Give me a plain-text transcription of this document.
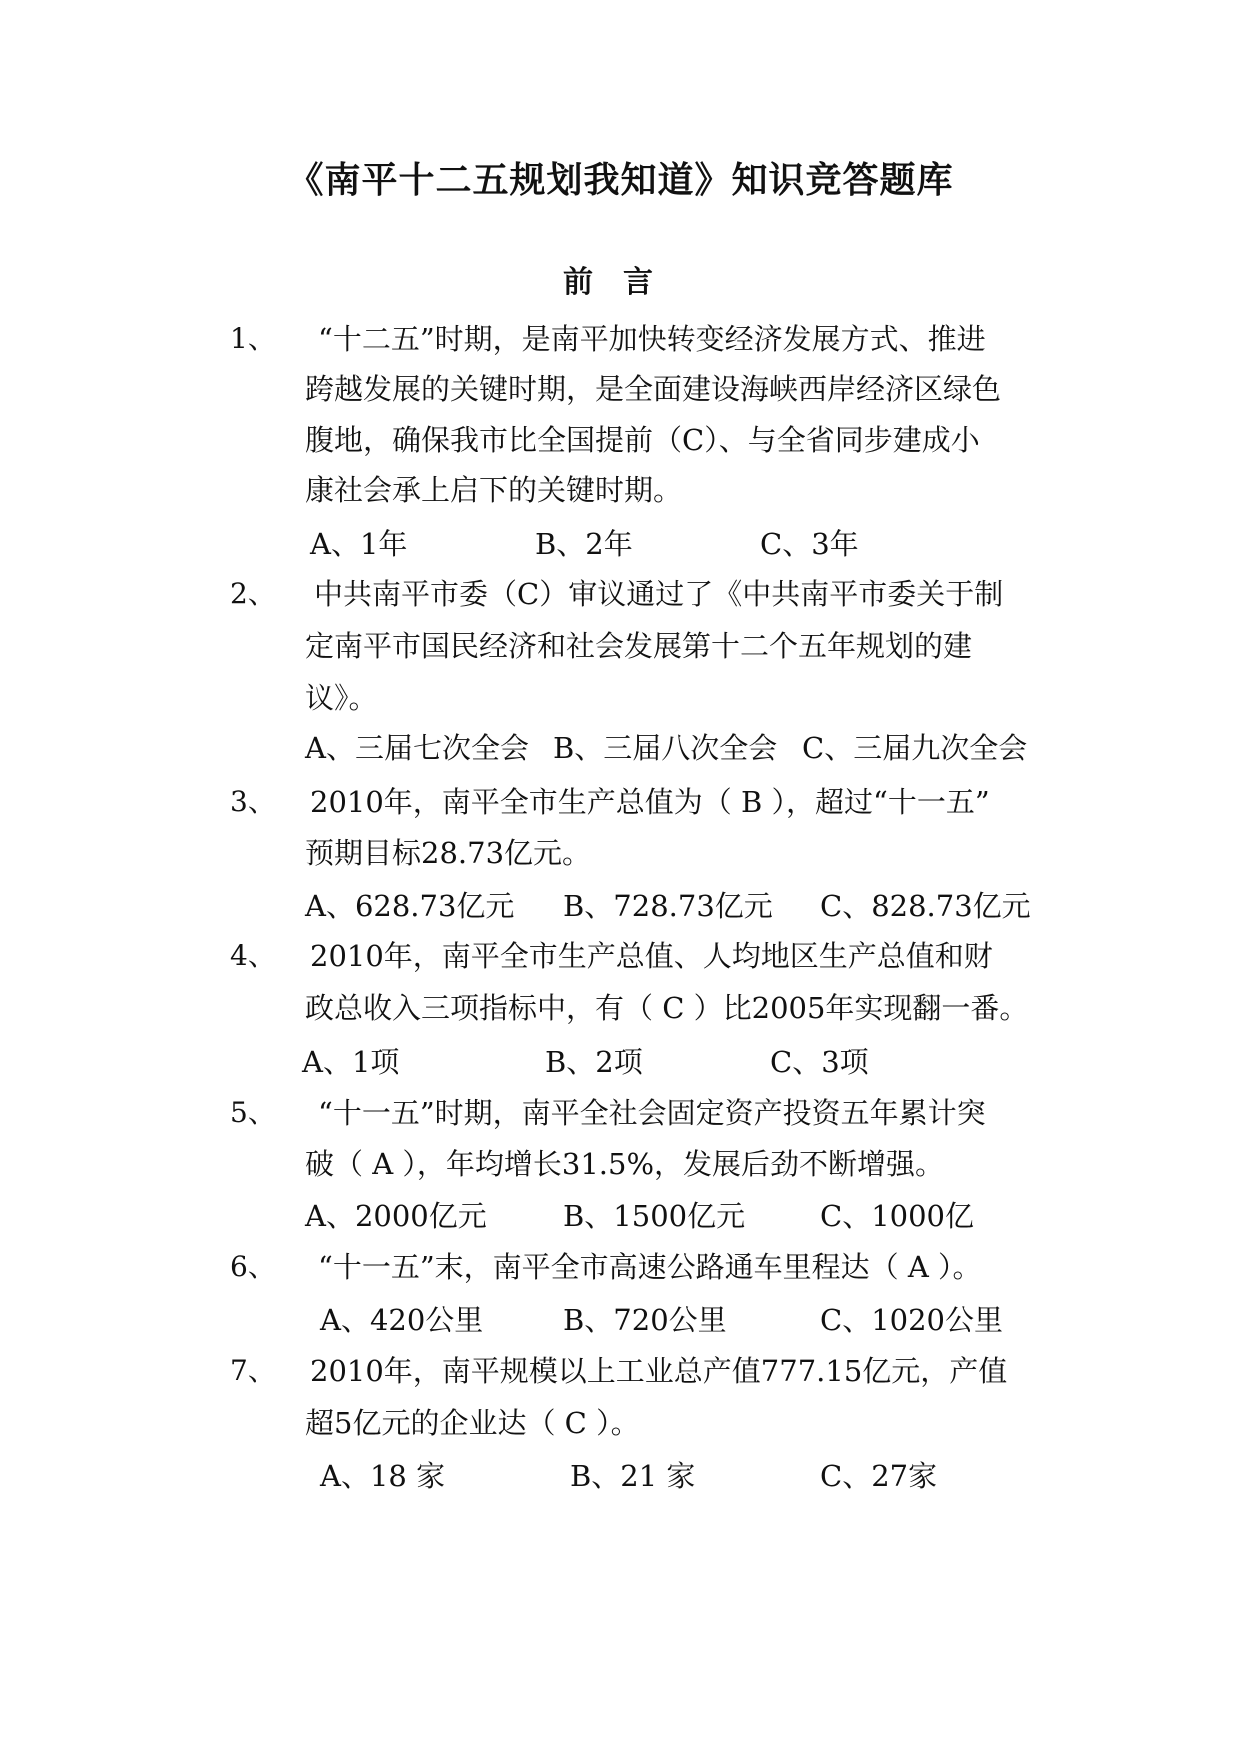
《南平十二五规划我知道》知识竞答题库
前言
1、 “十二五”时期，是南平加快转变经济发展方式、推进
跨越发展的关键时期，是全面建设海峡西岸经济区绿色
腹地，确保我市比全国提前（C）、与全省同步建成小
康社会承上启下的关键时期。
A、1年	B、2年	C、3年
2、 中共南平市委（C）审议通过了《中共南平市委关于制
定南平市国民经济和社会发展第十二个五年规划的建
议》。
A、三届七次全会 B、三届八次全会 C、三届九次全会
3、 2010年，南平全市生产总值为（ B ），超过“十一五”
预期目标28.73亿元。
A、628.73亿元 B、728.73亿元 C、828.73亿元
4、 2010年，南平全市生产总值、人均地区生产总值和财
政总收入三项指标中，有（ C ）比2005年实现翻一番。
A、1项	B、2项	C、3项
5、 “十一五”时期，南平全社会固定资产投资五年累计突
破（ A ），年均增长31.5%，发展后劲不断增强。
A、2000亿元	B、1500亿元	C、1000亿
6、 “十一五”末，南平全市高速公路通车里程达（ A ）。
A、420公里	B、720公里	C、1020公里
7、 2010年，南平规模以上工业总产值777.15亿元，产值
超5亿元的企业达（ C ）。
A、18 家	B、21 家	C、27家
